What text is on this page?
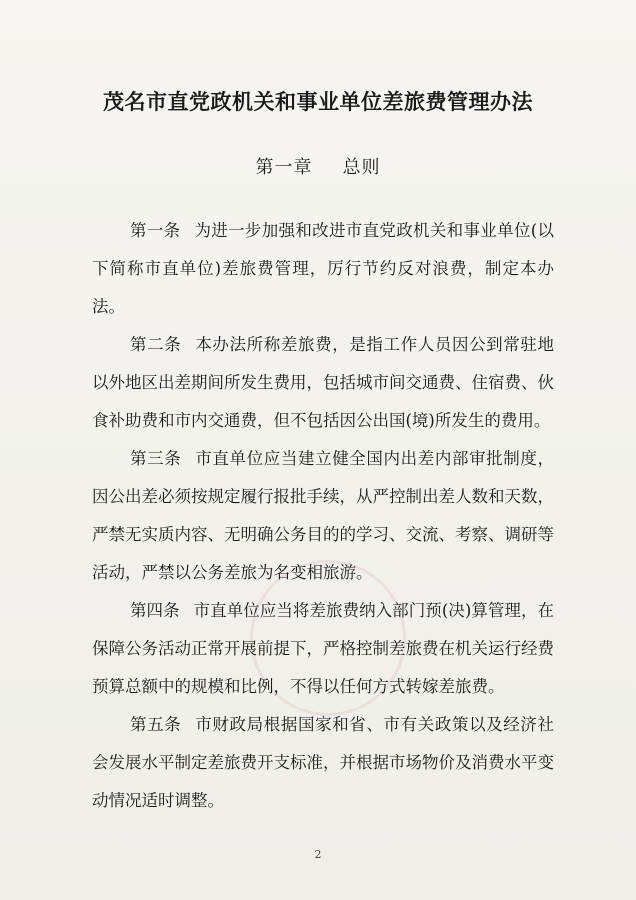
茂名市直党政机关和事业单位差旅费管理办法
第一章 总则

第一条 为进一步加强和改进市直党政机关和事业单位(以下简称市直单位)差旅费管理，厉行节约反对浪费，制定本办法。

第二条 本办法所称差旅费，是指工作人员因公到常驻地以外地区出差期间所发生费用，包括城市间交通费、住宿费、伙食补助费和市内交通费，但不包括因公出国(境)所发生的费用。

第三条 市直单位应当建立健全国内出差内部审批制度，因公出差必须按规定履行报批手续，从严控制出差人数和天数，严禁无实质内容、无明确公务目的的学习、交流、考察、调研等活动，严禁以公务差旅为名变相旅游。

第四条 市直单位应当将差旅费纳入部门预(决)算管理，在保障公务活动正常开展前提下，严格控制差旅费在机关运行经费预算总额中的规模和比例，不得以任何方式转嫁差旅费。

第五条 市财政局根据国家和省、市有关政策以及经济社会发展水平制定差旅费开支标准，并根据市场物价及消费水平变动情况适时调整。

2
